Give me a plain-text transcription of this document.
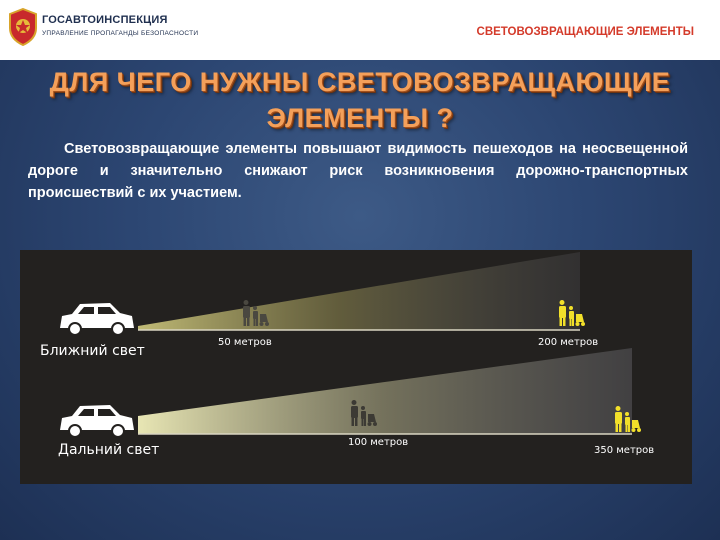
ГОСАВТОИНСПЕКЦИЯ
УПРАВЛЕНИЕ ПРОПАГАНДЫ БЕЗОПАСНОСТИ	СВЕТОВОЗВРАЩАЮЩИЕ ЭЛЕМЕНТЫ
ДЛЯ ЧЕГО НУЖНЫ СВЕТОВОЗВРАЩАЮЩИЕ ЭЛЕМЕНТЫ ?
Световозвращающие элементы повышают видимость пешеходов на неосвещенной дороге и значительно снижают риск возникновения дорожно-транспортных происшествий с их участием.
Ближний свет
50 метров	200 метров
Дальний свет	100 метров
350 метров
